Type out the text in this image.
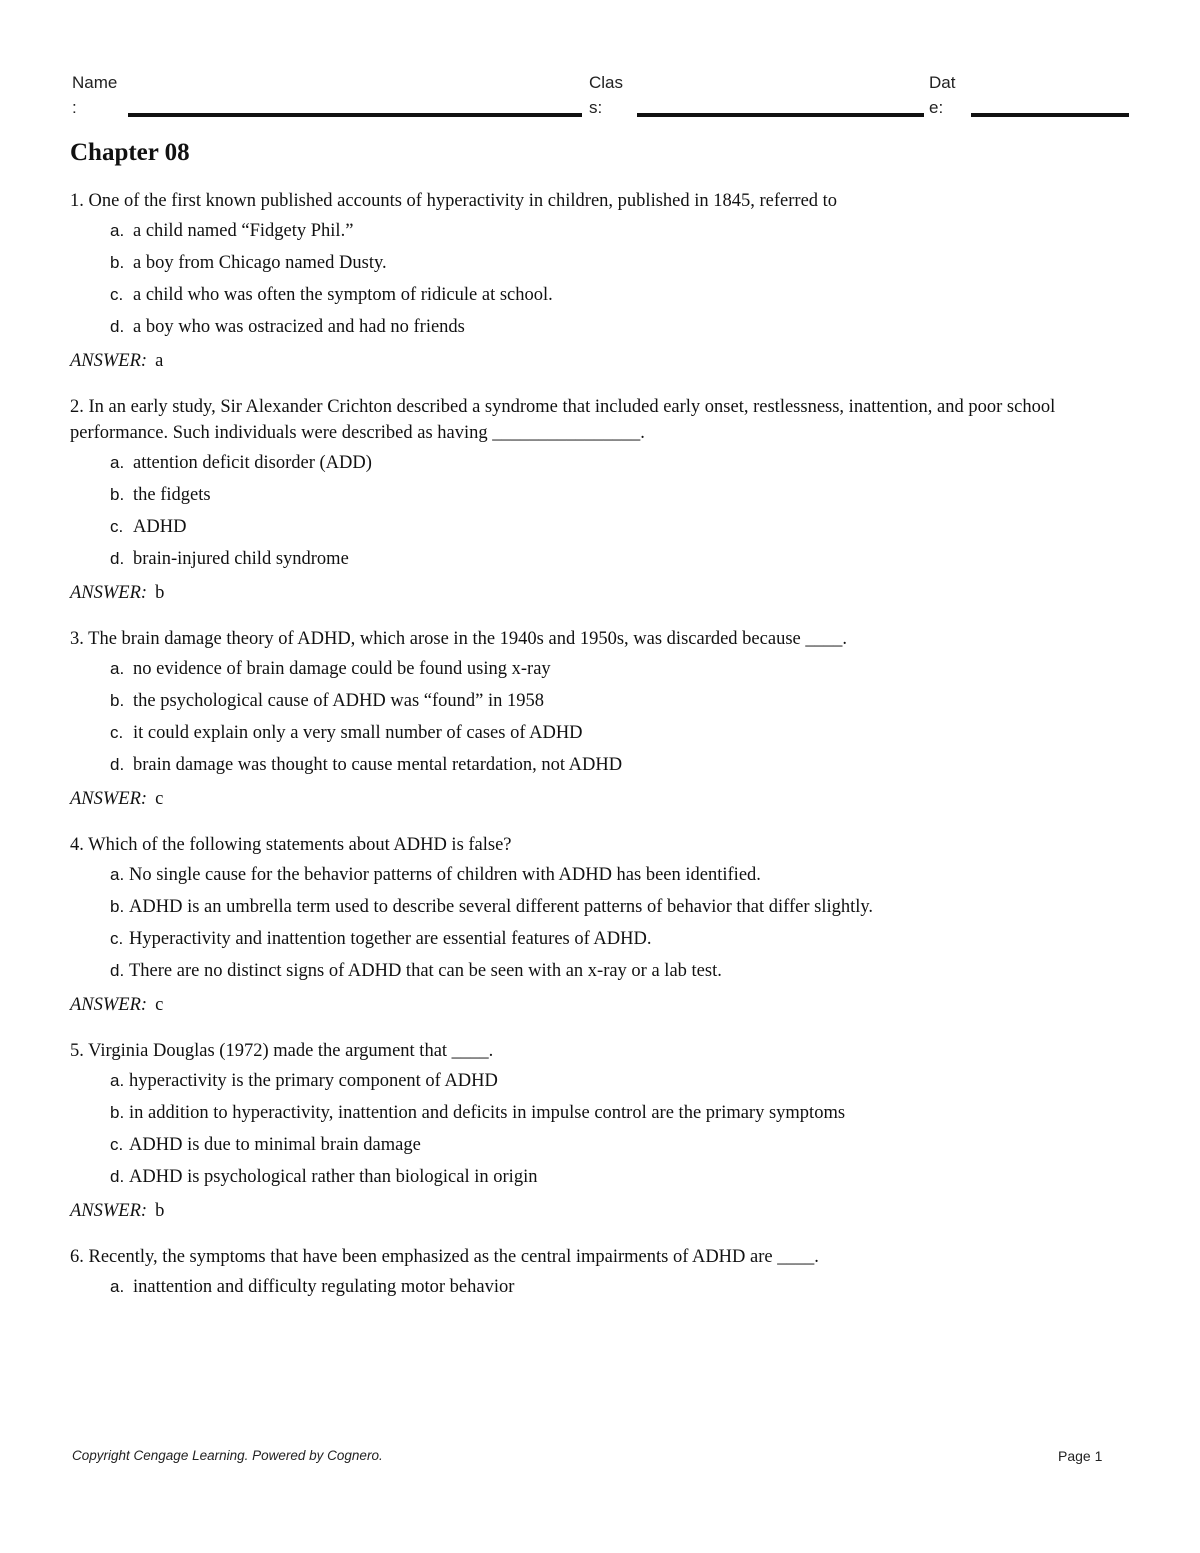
Name
:
Clas
s:
Dat
e:
Chapter 08

1. One of the first known published accounts of hyperactivity in children, published in 1845, referred to

a. a child named “Fidgety Phil.”
b. a boy from Chicago named Dusty.
c. a child who was often the symptom of ridicule at school.
d. a boy who was ostracized and had no friends

ANSWER: a

2. In an early study, Sir Alexander Crichton described a syndrome that included early onset, restlessness, inattention, and poor school performance. Such individuals were described as having ________________.

a. attention deficit disorder (ADD)
b. the fidgets
c. ADHD
d. brain-injured child syndrome

ANSWER: b

3. The brain damage theory of ADHD, which arose in the 1940s and 1950s, was discarded because ____.

a. no evidence of brain damage could be found using x-ray
b. the psychological cause of ADHD was “found” in 1958
c. it could explain only a very small number of cases of ADHD
d. brain damage was thought to cause mental retardation, not ADHD

ANSWER: c

4. Which of the following statements about ADHD is false?

a. No single cause for the behavior patterns of children with ADHD has been identified.
b. ADHD is an umbrella term used to describe several different patterns of behavior that differ slightly.
c. Hyperactivity and inattention together are essential features of ADHD.
d. There are no distinct signs of ADHD that can be seen with an x-ray or a lab test.

ANSWER: c

5. Virginia Douglas (1972) made the argument that ____.

a. hyperactivity is the primary component of ADHD
b. in addition to hyperactivity, inattention and deficits in impulse control are the primary symptoms
c. ADHD is due to minimal brain damage
d. ADHD is psychological rather than biological in origin

ANSWER: b

6. Recently, the symptoms that have been emphasized as the central impairments of ADHD are ____.

a. inattention and difficulty regulating motor behavior
Copyright Cengage Learning. Powered by Cognero.	Page 1
